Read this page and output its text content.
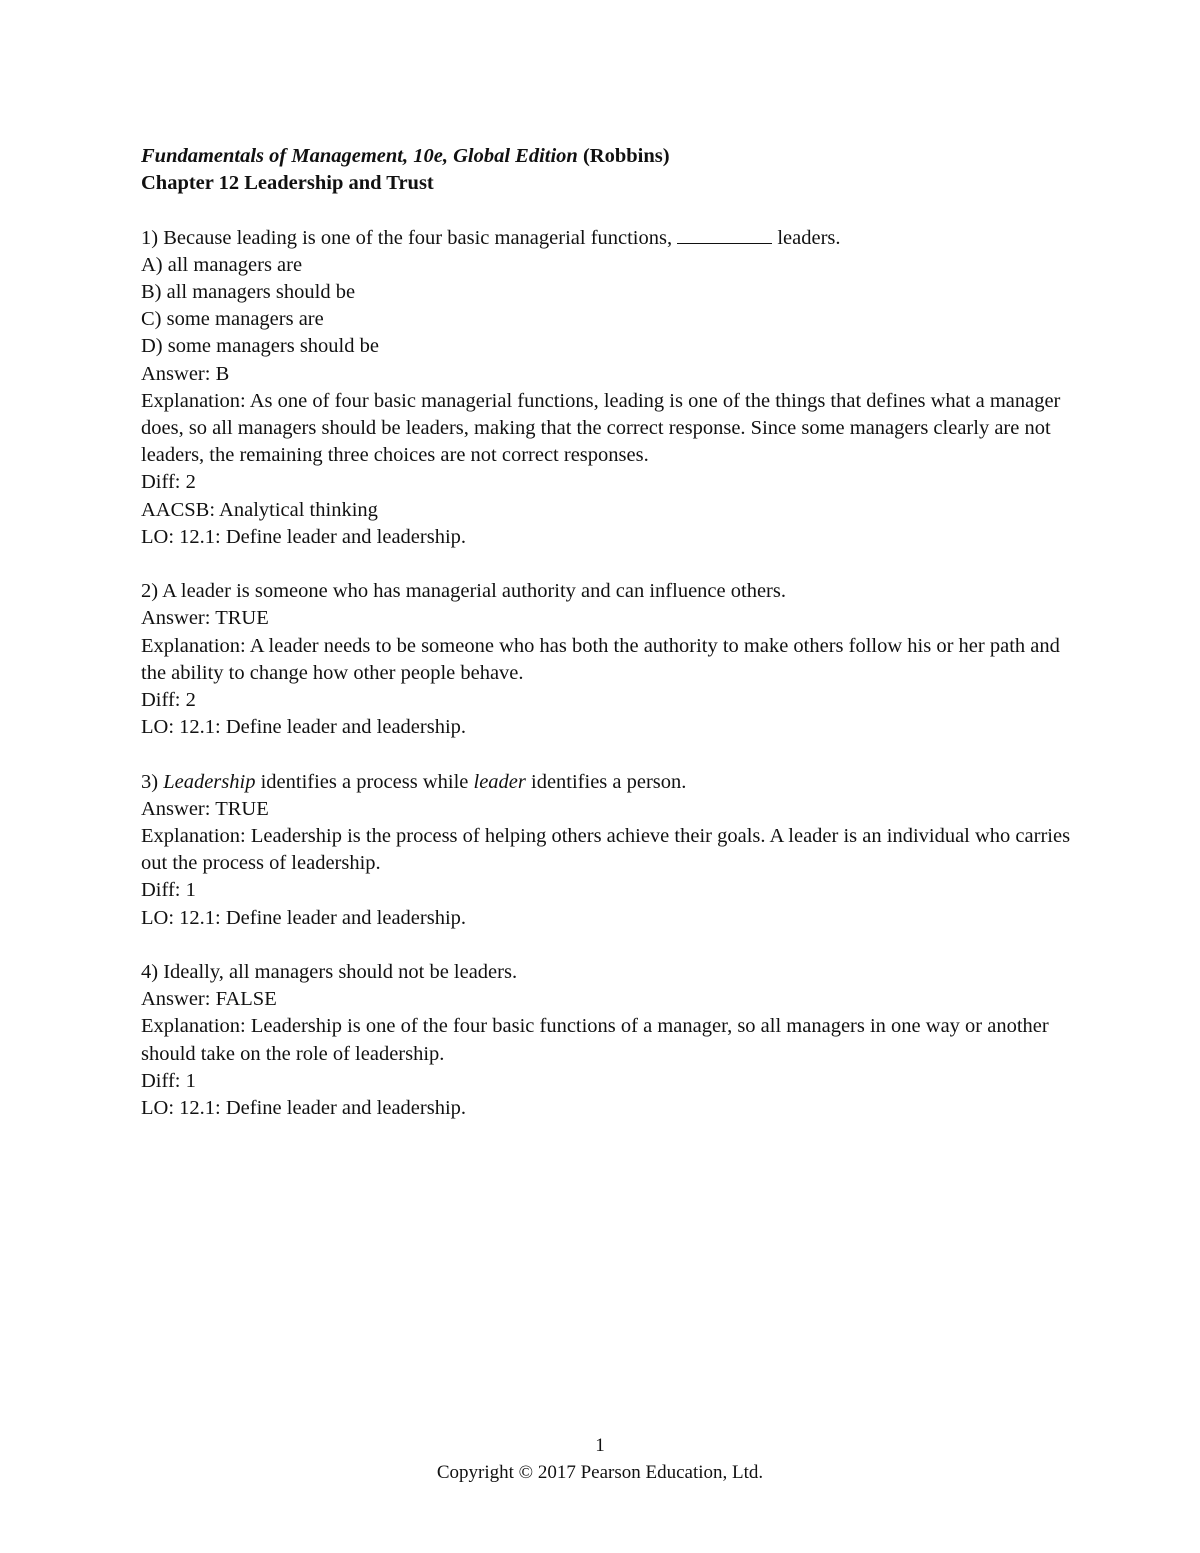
Fundamentals of Management, 10e, Global Edition (Robbins)
Chapter 12 Leadership and Trust
1) Because leading is one of the four basic managerial functions,	leaders.
A) all managers are
B) all managers should be
C) some managers are
D) some managers should be
Answer: B
Explanation: As one of four basic managerial functions, leading is one of the things that defines what a manager does, so all managers should be leaders, making that the correct response. Since some managers clearly are not leaders, the remaining three choices are not correct responses.
Diff: 2
AACSB: Analytical thinking
LO: 12.1: Define leader and leadership.
2) A leader is someone who has managerial authority and can influence others.
Answer: TRUE
Explanation: A leader needs to be someone who has both the authority to make others follow his or her path and the ability to change how other people behave.
Diff: 2
LO: 12.1: Define leader and leadership.
3) Leadership identifies a process while leader identifies a person.
Answer: TRUE
Explanation: Leadership is the process of helping others achieve their goals. A leader is an individual who carries out the process of leadership.
Diff: 1
LO: 12.1: Define leader and leadership.
4) Ideally, all managers should not be leaders.
Answer: FALSE
Explanation: Leadership is one of the four basic functions of a manager, so all managers in one way or another should take on the role of leadership.
Diff: 1
LO: 12.1: Define leader and leadership.
1
Copyright © 2017 Pearson Education, Ltd.
